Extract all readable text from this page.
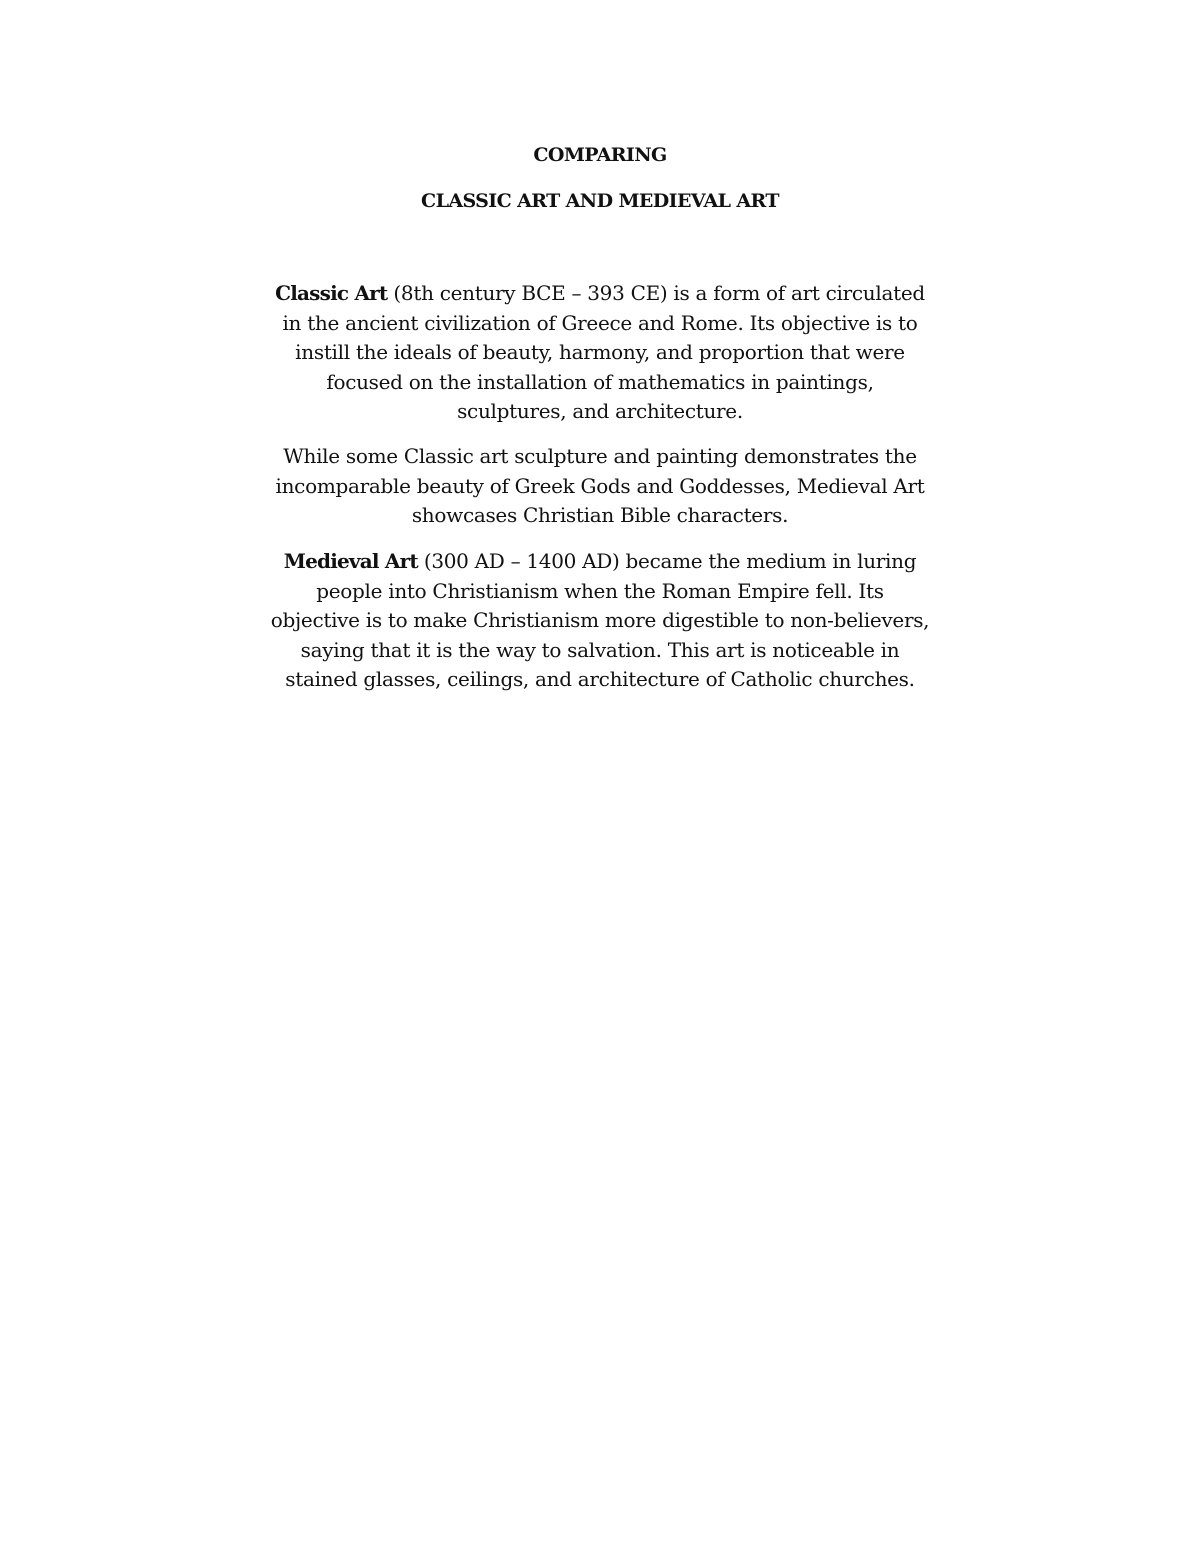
COMPARING
CLASSIC ART AND MEDIEVAL ART

Classic Art (8th century BCE – 393 CE) is a form of art circulated in the ancient civilization of Greece and Rome. Its objective is to instill the ideals of beauty, harmony, and proportion that were focused on the installation of mathematics in paintings, sculptures, and architecture.

While some Classic art sculpture and painting demonstrates the incomparable beauty of Greek Gods and Goddesses, Medieval Art showcases Christian Bible characters.

Medieval Art (300 AD – 1400 AD) became the medium in luring people into Christianism when the Roman Empire fell. Its objective is to make Christianism more digestible to non-believers, saying that it is the way to salvation. This art is noticeable in stained glasses, ceilings, and architecture of Catholic churches.
